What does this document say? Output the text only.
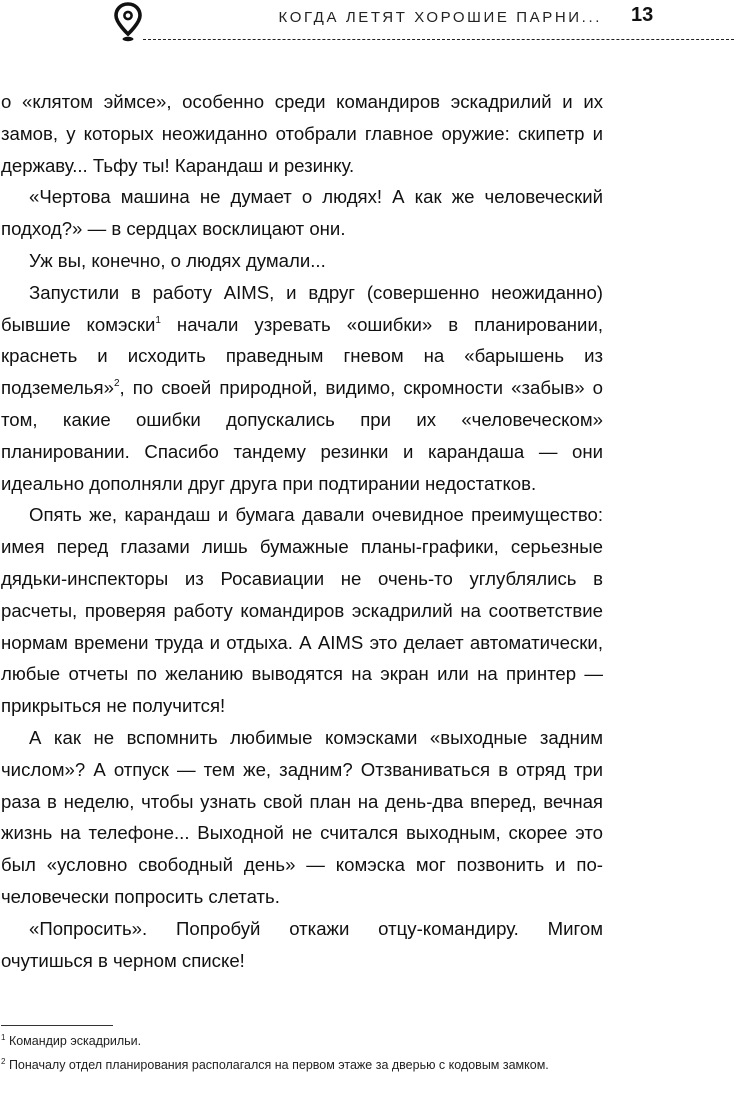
КОГДА ЛЕТЯТ ХОРОШИЕ ПАРНИ... 13

о «клятом эймсе», особенно среди командиров эскадрилий и их замов, у которых неожиданно отобрали главное оружие: скипетр и державу... Тьфу ты! Карандаш и резинку.

«Чертова машина не думает о людях! А как же человеческий подход?» — в сердцах восклицают они.

Уж вы, конечно, о людях думали...

Запустили в работу AIMS, и вдруг (совершенно неожиданно) бывшие комэски$^1$ начали узревать «ошибки» в планировании, краснеть и исходить праведным гневом на «барышень из подземелья»$^2$, по своей природной, видимо, скромности «забыв» о том, какие ошибки допускались при их «человеческом» планировании. Спасибо тандему резинки и карандаша — они идеально дополняли друг друга при подтирании недостатков.

Опять же, карандаш и бумага давали очевидное преимущество: имея перед глазами лишь бумажные планы-графики, серьезные дядьки-инспекторы из Росавиации не очень-то углублялись в расчеты, проверяя работу командиров эскадрилий на соответствие нормам времени труда и отдыха. А AIMS это делает автоматически, любые отчеты по желанию выводятся на экран или на принтер — прикрыться не получится!

А как не вспомнить любимые комэсками «выходные задним числом»? А отпуск — тем же, задним? Отзваниваться в отряд три раза в неделю, чтобы узнать свой план на день-два вперед, вечная жизнь на телефоне... Выходной не считался выходным, скорее это был «условно свободный день» — комэска мог позвонить и по-человечески попросить слетать.

«Попросить». Попробуй откажи отцу-командиру. Мигом очутишься в черном списке!

$^1$ Командир эскадрильи.

$^2$ Поначалу отдел планирования располагался на первом этаже за дверью с кодовым замком.
